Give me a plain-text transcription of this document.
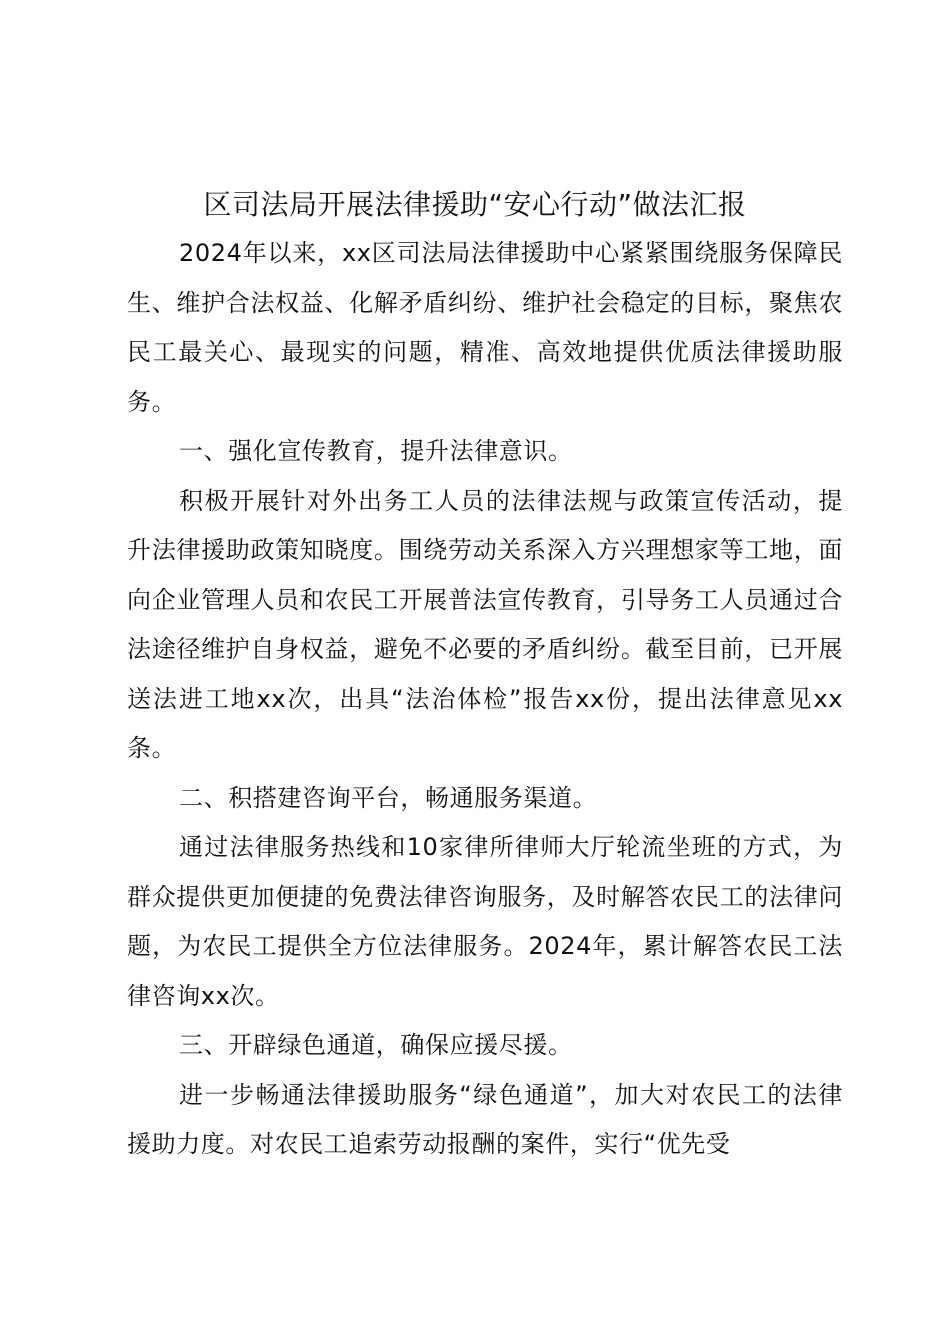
区司法局开展法律援助“安心行动”做法汇报

2024年以来，xx区司法局法律援助中心紧紧围绕服务保障民生、维护合法权益、化解矛盾纠纷、维护社会稳定的目标，聚焦农民工最关心、最现实的问题，精准、高效地提供优质法律援助服务。

一、强化宣传教育，提升法律意识。

积极开展针对外出务工人员的法律法规与政策宣传活动，提升法律援助政策知晓度。围绕劳动关系深入方兴理想家等工地，面向企业管理人员和农民工开展普法宣传教育，引导务工人员通过合法途径维护自身权益，避免不必要的矛盾纠纷。截至目前，已开展送法进工地xx次，出具“法治体检”报告xx份，提出法律意见xx条。

二、积搭建咨询平台，畅通服务渠道。

通过法律服务热线和10家律所律师大厅轮流坐班的方式，为群众提供更加便捷的免费法律咨询服务，及时解答农民工的法律问题，为农民工提供全方位法律服务。2024年，累计解答农民工法律咨询xx次。

三、开辟绿色通道，确保应援尽援。

进一步畅通法律援助服务“绿色通道”，加大对农民工的法律援助力度。对农民工追索劳动报酬的案件，实行“优先受
